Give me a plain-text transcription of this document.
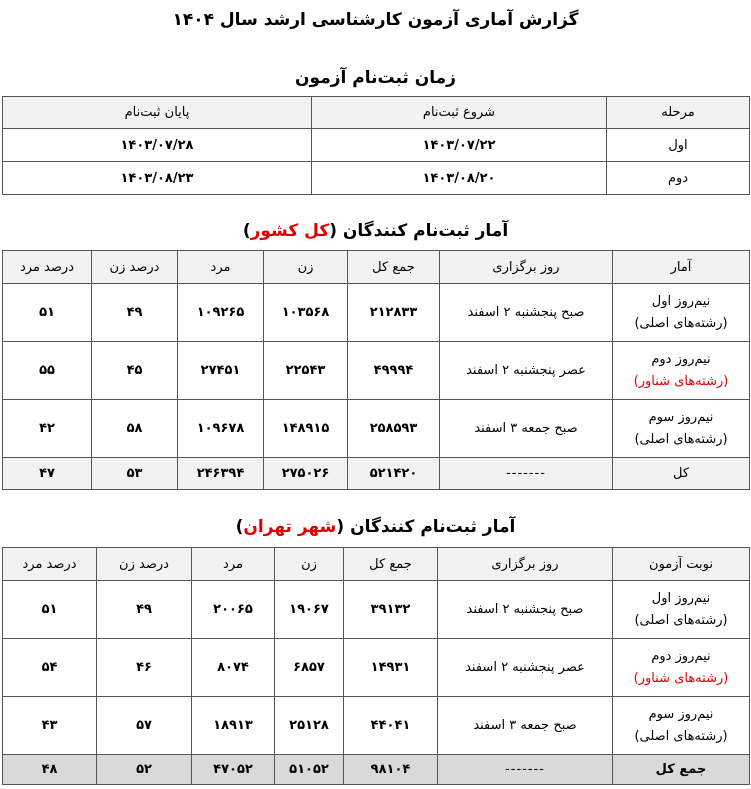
گزارش آماری آزمون کارشناسی ارشد سال ۱۴۰۴
زمان ثبت‌نام آزمون
مرحله	شروع ثبت‌نام	پایان ثبت‌نام
اول	۱۴۰۳/۰۷/۲۲	۱۴۰۳/۰۷/۲۸
دوم	۱۴۰۳/۰۸/۲۰	۱۴۰۳/۰۸/۲۳
آمار ثبت‌نام کنندگان (کل کشور)
آمار	روز برگزاری	جمع کل	زن	مرد	درصد زن	درصد مرد

نیم‌روز اول
(رشته‌های اصلی)	صبح پنجشنبه ۲ اسفند	۲۱۲۸۳۳	۱۰۳۵۶۸	۱۰۹۲۶۵	۴۹	۵۱

نیم‌روز دوم
(رشته‌های شناور)	عصر پنجشنبه ۲ اسفند	۴۹۹۹۴	۲۲۵۴۳	۲۷۴۵۱	۴۵	۵۵

نیم‌روز سوم
(رشته‌های اصلی)	صبح جمعه ۳ اسفند	۲۵۸۵۹۳	۱۴۸۹۱۵	۱۰۹۶۷۸	۵۸	۴۲
کل	-------	۵۲۱۴۲۰	۲۷۵۰۲۶	۲۴۶۳۹۴	۵۳	۴۷
آمار ثبت‌نام کنندگان (شهر تهران)
نوبت آزمون	روز برگزاری	جمع کل	زن	مرد	درصد زن	درصد مرد

نیم‌روز اول
(رشته‌های اصلی)	صبح پنجشنبه ۲ اسفند	۳۹۱۳۲	۱۹۰۶۷	۲۰۰۶۵	۴۹	۵۱

نیم‌روز دوم
(رشته‌های شناور)	عصر پنجشنبه ۲ اسفند	۱۴۹۳۱	۶۸۵۷	۸۰۷۴	۴۶	۵۴

نیم‌روز سوم
(رشته‌های اصلی)	صبح جمعه ۳ اسفند	۴۴۰۴۱	۲۵۱۲۸	۱۸۹۱۳	۵۷	۴۳
جمع کل	-------	۹۸۱۰۴	۵۱۰۵۲	۴۷۰۵۲	۵۲	۴۸
